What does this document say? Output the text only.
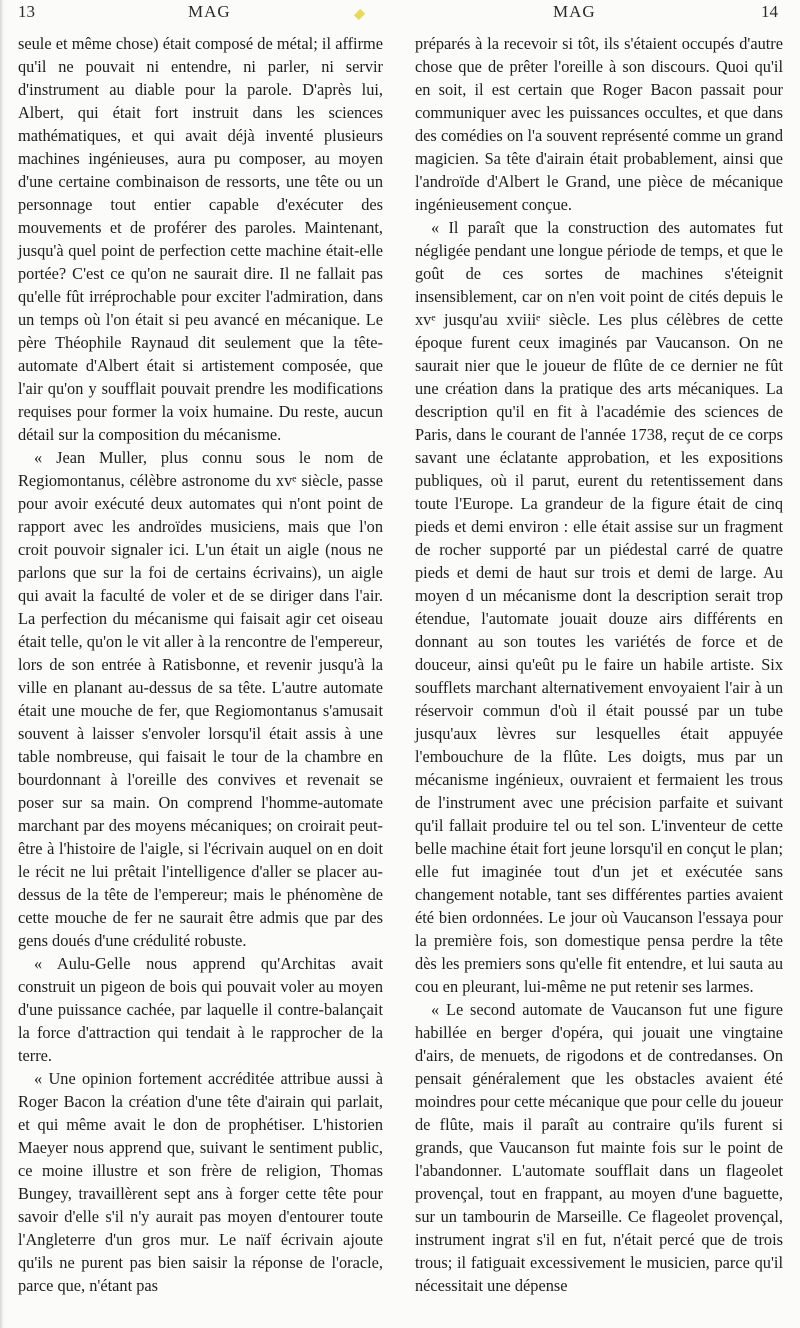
13	MAG	MAG	14

seule et même chose) était composé de métal; il affirme qu'il ne pouvait ni entendre, ni parler, ni servir d'instrument au diable pour la parole. D'après lui, Albert, qui était fort instruit dans les sciences mathématiques, et qui avait déjà inventé plusieurs machines ingénieuses, aura pu composer, au moyen d'une certaine combinaison de ressorts, une tête ou un personnage tout entier capable d'exécuter des mouvements et de proférer des paroles. Maintenant, jusqu'à quel point de perfection cette machine était-elle portée? C'est ce qu'on ne saurait dire. Il ne fallait pas qu'elle fût irréprochable pour exciter l'admiration, dans un temps où l'on était si peu avancé en mécanique. Le père Théophile Raynaud dit seulement que la tête-automate d'Albert était si artistement composée, que l'air qu'on y soufflait pouvait prendre les modifications requises pour former la voix humaine. Du reste, aucun détail sur la composition du mécanisme.

« Jean Muller, plus connu sous le nom de Regiomontanus, célèbre astronome du xvᵉ siècle, passe pour avoir exécuté deux automates qui n'ont point de rapport avec les androïdes musiciens, mais que l'on croit pouvoir signaler ici. L'un était un aigle (nous ne parlons que sur la foi de certains écrivains), un aigle qui avait la faculté de voler et de se diriger dans l'air. La perfection du mécanisme qui faisait agir cet oiseau était telle, qu'on le vit aller à la rencontre de l'empereur, lors de son entrée à Ratisbonne, et revenir jusqu'à la ville en planant au-dessus de sa tête. L'autre automate était une mouche de fer, que Regiomontanus s'amusait souvent à laisser s'envoler lorsqu'il était assis à une table nombreuse, qui faisait le tour de la chambre en bourdonnant à l'oreille des convives et revenait se poser sur sa main. On comprend l'homme-automate marchant par des moyens mécaniques; on croirait peut-être à l'histoire de l'aigle, si l'écrivain auquel on en doit le récit ne lui prêtait l'intelligence d'aller se placer au-dessus de la tête de l'empereur; mais le phénomène de cette mouche de fer ne saurait être admis que par des gens doués d'une crédulité robuste.

« Aulu-Gelle nous apprend qu'Architas avait construit un pigeon de bois qui pouvait voler au moyen d'une puissance cachée, par laquelle il contre-balançait la force d'attraction qui tendait à le rapprocher de la terre.

« Une opinion fortement accréditée attribue aussi à Roger Bacon la création d'une tête d'airain qui parlait, et qui même avait le don de prophétiser. L'historien Maeyer nous apprend que, suivant le sentiment public, ce moine illustre et son frère de religion, Thomas Bungey, travaillèrent sept ans à forger cette tête pour savoir d'elle s'il n'y aurait pas moyen d'entourer toute l'Angleterre d'un gros mur. Le naïf écrivain ajoute qu'ils ne purent pas bien saisir la réponse de l'oracle, parce que, n'étant pas

préparés à la recevoir si tôt, ils s'étaient occupés d'autre chose que de prêter l'oreille à son discours. Quoi qu'il en soit, il est certain que Roger Bacon passait pour communiquer avec les puissances occultes, et que dans des comédies on l'a souvent représenté comme un grand magicien. Sa tête d'airain était probablement, ainsi que l'androïde d'Albert le Grand, une pièce de mécanique ingénieusement conçue.

« Il paraît que la construction des automates fut négligée pendant une longue période de temps, et que le goût de ces sortes de machines s'éteignit insensiblement, car on n'en voit point de cités depuis le xvᵉ jusqu'au xviiiᵉ siècle. Les plus célèbres de cette époque furent ceux imaginés par Vaucanson. On ne saurait nier que le joueur de flûte de ce dernier ne fût une création dans la pratique des arts mécaniques. La description qu'il en fit à l'académie des sciences de Paris, dans le courant de l'année 1738, reçut de ce corps savant une éclatante approbation, et les expositions publiques, où il parut, eurent du retentissement dans toute l'Europe. La grandeur de la figure était de cinq pieds et demi environ : elle était assise sur un fragment de rocher supporté par un piédestal carré de quatre pieds et demi de haut sur trois et demi de large. Au moyen d un mécanisme dont la description serait trop étendue, l'automate jouait douze airs différents en donnant au son toutes les variétés de force et de douceur, ainsi qu'eût pu le faire un habile artiste. Six soufflets marchant alternativement envoyaient l'air à un réservoir commun d'où il était poussé par un tube jusqu'aux lèvres sur lesquelles était appuyée l'embouchure de la flûte. Les doigts, mus par un mécanisme ingénieux, ouvraient et fermaient les trous de l'instrument avec une précision parfaite et suivant qu'il fallait produire tel ou tel son. L'inventeur de cette belle machine était fort jeune lorsqu'il en conçut le plan; elle fut imaginée tout d'un jet et exécutée sans changement notable, tant ses différentes parties avaient été bien ordonnées. Le jour où Vaucanson l'essaya pour la première fois, son domestique pensa perdre la tête dès les premiers sons qu'elle fit entendre, et lui sauta au cou en pleurant, lui-même ne put retenir ses larmes.

« Le second automate de Vaucanson fut une figure habillée en berger d'opéra, qui jouait une vingtaine d'airs, de menuets, de rigodons et de contredanses. On pensait généralement que les obstacles avaient été moindres pour cette mécanique que pour celle du joueur de flûte, mais il paraît au contraire qu'ils furent si grands, que Vaucanson fut mainte fois sur le point de l'abandonner. L'automate soufflait dans un flageolet provençal, tout en frappant, au moyen d'une baguette, sur un tambourin de Marseille. Ce flageolet provençal, instrument ingrat s'il en fut, n'était percé que de trois trous; il fatiguait excessivement le musicien, parce qu'il nécessitait une dépense
